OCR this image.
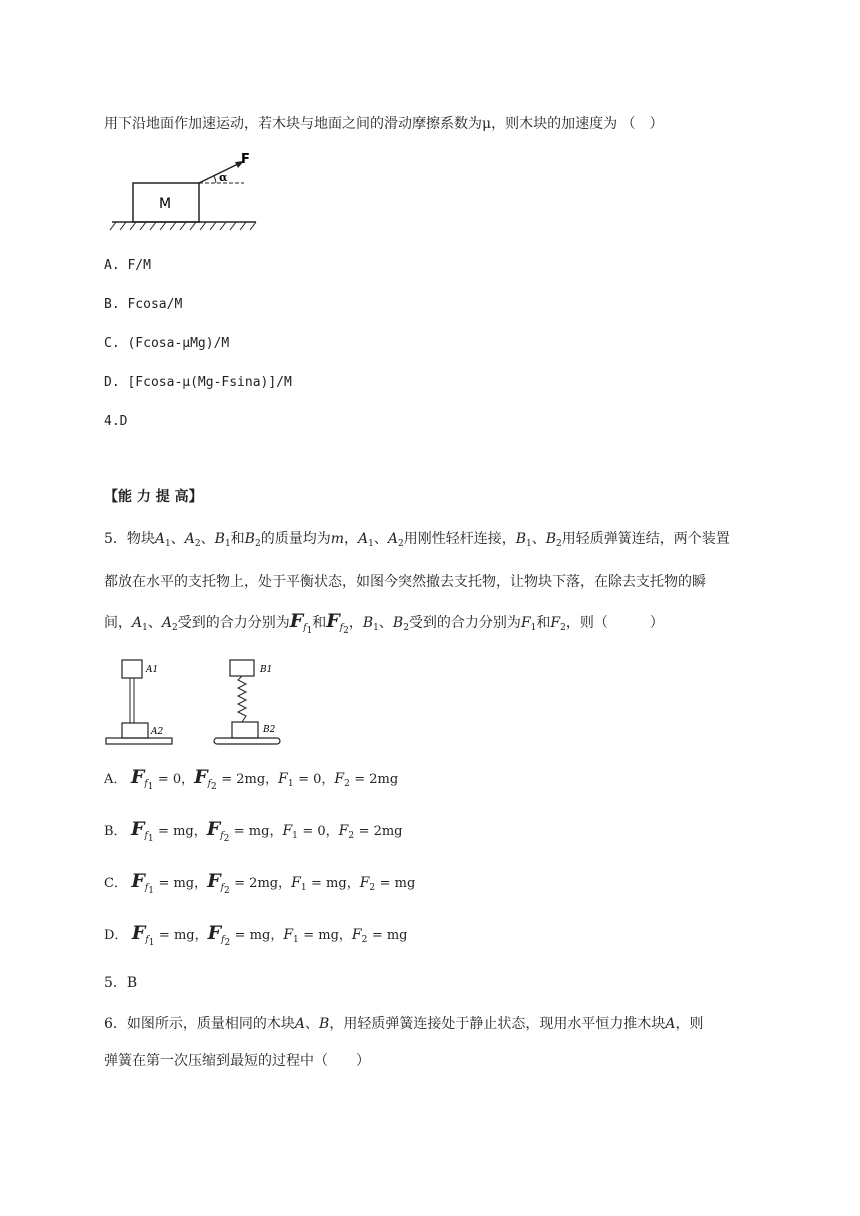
用下沿地面作加速运动，若木块与地面之间的滑动摩擦系数为μ，则木块的加速度为 （　）
M
F
α
A. F/M
B. Fcosa/M
C. (Fcosa-μMg)/M
D. [Fcosa-μ(Mg-Fsina)]/M
4.D
【能 力 提 高】
5．物块$A_1$、$A_2$、$B_1$和$B_2$的质量均为m，$A_1$、$A_2$用刚性轻杆连接，$B_1$、$B_2$用轻质弹簧连结，两个装置
都放在水平的支托物上，处于平衡状态，如图今突然撤去支托物，让物块下落，在除去支托物的瞬
间，$A_1$、$A_2$受到的合力分别为$F_{f_1}$和$F_{f_2}$，$B_1$、$B_2$受到的合力分别为$F_1$和$F_2$，则（　　　）
A1
A2
B1
B2
A． $F_{f_1} = 0$，$F_{f_2} = 2mg$，$F_1 = 0$，$F_2 = 2mg$
B． $F_{f_1}$ = mg，$F_{f_2}$ = mg，$F_1 = 0$，$F_2 = 2mg$
C． $F_{f_1}$ = mg，$F_{f_2} = 2mg$，$F_1$ = mg，$F_2$ = mg
D． $F_{f_1}$ = mg，$F_{f_2}$ = mg，$F_1$ = mg，$F_2$ = mg
5．B
6．如图所示，质量相同的木块A、B，用轻质弹簧连接处于静止状态，现用水平恒力推木块A，则
弹簧在第一次压缩到最短的过程中（　　）
